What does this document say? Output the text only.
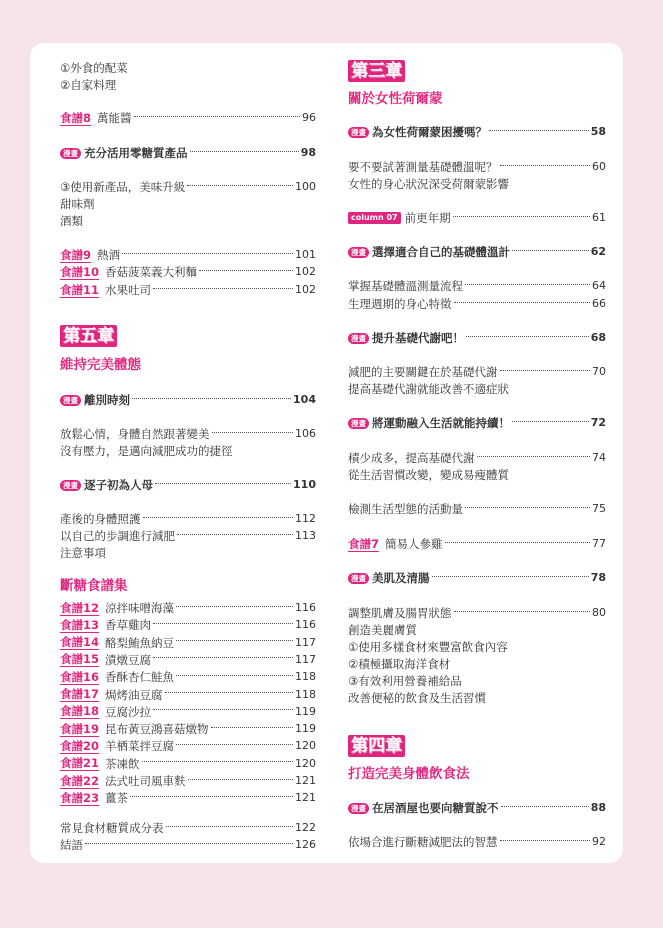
①外食的配菜
②自家料理
食譜8 萬能醬	96
漫畫 充分活用零糖質產品	98
③使用新產品，美味升級	100
甜味劑
酒類
食譜9 熱酒	101
食譜10 香菇菠菜義大利麵	102
食譜11 水果吐司	102
第五章
維持完美體態
漫畫 離別時刻	104
放鬆心情，身體自然跟著變美	106
沒有壓力，是邁向減肥成功的捷徑
漫畫 逐子初為人母	110
產後的身體照護	112
以自己的步調進行減肥	113
注意事項
斷糖食譜集
食譜12 涼拌味噌海藻	116
食譜13 香草雞肉	116
食譜14 酪梨鮪魚納豆	117
食譜15 漬燉豆腐	117
食譜16 香酥杏仁鮭魚	118
食譜17 焗烤油豆腐	118
食譜18 豆腐沙拉	119
食譜19 昆布黃豆鴻喜菇燉物	119
食譜20 羊栖菜拌豆腐	120
食譜21 茶凍飲	120
食譜22 法式吐司風車麩	121
食譜23 薑茶	121
常見食材糖質成分表	122
結語	126
第三章
關於女性荷爾蒙
漫畫 為女性荷爾蒙困擾嗎？	58
要不要試著測量基礎體溫呢？	60
女性的身心狀況深受荷爾蒙影響
column 07 前更年期	61
漫畫 選擇適合自己的基礎體溫計	62
掌握基礎體溫測量流程	64
生理週期的身心特徵	66
漫畫 提升基礎代謝吧！	68
減肥的主要關鍵在於基礎代謝	70
提高基礎代謝就能改善不適症狀
漫畫 將運動融入生活就能持續！	72
積少成多，提高基礎代謝	74
從生活習慣改變，變成易瘦體質
檢測生活型態的活動量	75
食譜7 簡易人參雞	77
漫畫 美肌及清腸	78
調整肌膚及腸胃狀態	80
創造美麗膚質
①使用多樣食材來豐富飲食內容
②積極攝取海洋食材
③有效利用營養補給品
改善便秘的飲食及生活習慣
第四章
打造完美身體飲食法
漫畫 在居酒屋也要向糖質說不	88
依場合進行斷糖減肥法的智慧	92
